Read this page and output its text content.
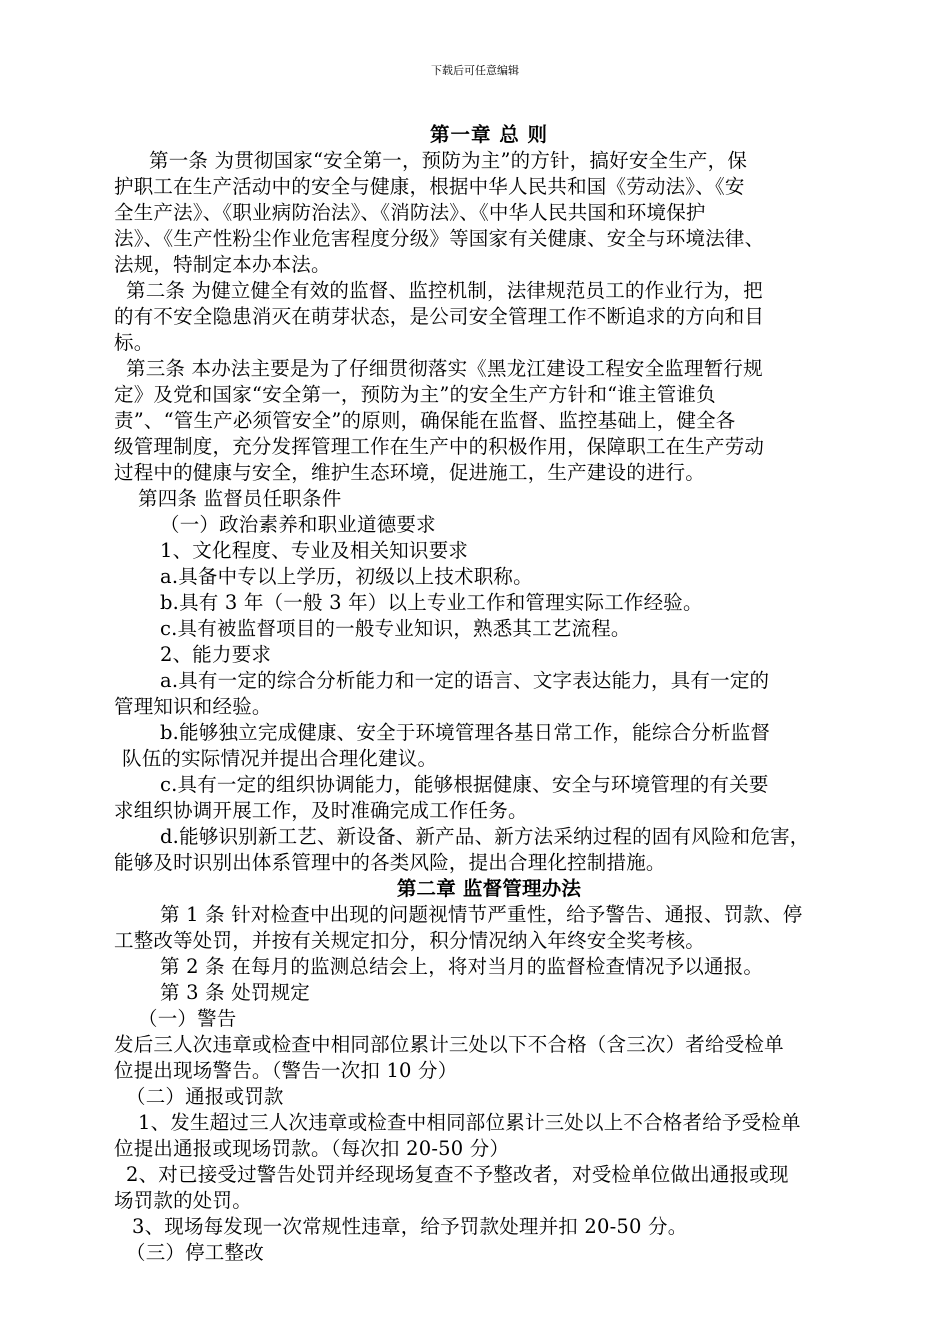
下载后可任意编辑
第一章 总 则
第一条 为贯彻国家“安全第一，预防为主”的方针，搞好安全生产，保
护职工在生产活动中的安全与健康，根据中华人民共和国《劳动法》、《安
全生产法》、《职业病防治法》、《消防法》、《中华人民共国和环境保护
法》、《生产性粉尘作业危害程度分级》等国家有关健康、安全与环境法律、
法规，特制定本办本法。
第二条 为健立健全有效的监督、监控机制，法律规范员工的作业行为，把
的有不安全隐患消灭在萌芽状态，是公司安全管理工作不断追求的方向和目
标。
第三条 本办法主要是为了仔细贯彻落实《黑龙江建设工程安全监理暂行规
定》及党和国家“安全第一，预防为主”的安全生产方针和“谁主管谁负
责”、“管生产必须管安全”的原则，确保能在监督、监控基础上，健全各
级管理制度，充分发挥管理工作在生产中的积极作用，保障职工在生产劳动
过程中的健康与安全，维护生态环境，促进施工，生产建设的进行。
第四条 监督员任职条件
（一）政治素养和职业道德要求
1、文化程度、专业及相关知识要求
a.具备中专以上学历，初级以上技术职称。
b.具有 3 年（一般 3 年）以上专业工作和管理实际工作经验。
c.具有被监督项目的一般专业知识，熟悉其工艺流程。
2、能力要求
a.具有一定的综合分析能力和一定的语言、文字表达能力，具有一定的
管理知识和经验。
b.能够独立完成健康、安全于环境管理各基日常工作，能综合分析监督
队伍的实际情况并提出合理化建议。
c.具有一定的组织协调能力，能够根据健康、安全与环境管理的有关要
求组织协调开展工作，及时准确完成工作任务。
d.能够识别新工艺、新设备、新产品、新方法采纳过程的固有风险和危害，
能够及时识别出体系管理中的各类风险，提出合理化控制措施。
第二章 监督管理办法
第 1 条 针对检查中出现的问题视情节严重性，给予警告、通报、罚款、停
工整改等处罚，并按有关规定扣分，积分情况纳入年终安全奖考核。
第 2 条 在每月的监测总结会上，将对当月的监督检查情况予以通报。
第 3 条 处罚规定
（一）警告
发后三人次违章或检查中相同部位累计三处以下不合格（含三次）者给受检单
位提出现场警告。（警告一次扣 10 分）
（二）通报或罚款
1、发生超过三人次违章或检查中相同部位累计三处以上不合格者给予受检单
位提出通报或现场罚款。（每次扣 20-50 分）
2、对已接受过警告处罚并经现场复查不予整改者，对受检单位做出通报或现
场罚款的处罚。
3、现场每发现一次常规性违章，给予罚款处理并扣 20-50 分。
（三）停工整改
